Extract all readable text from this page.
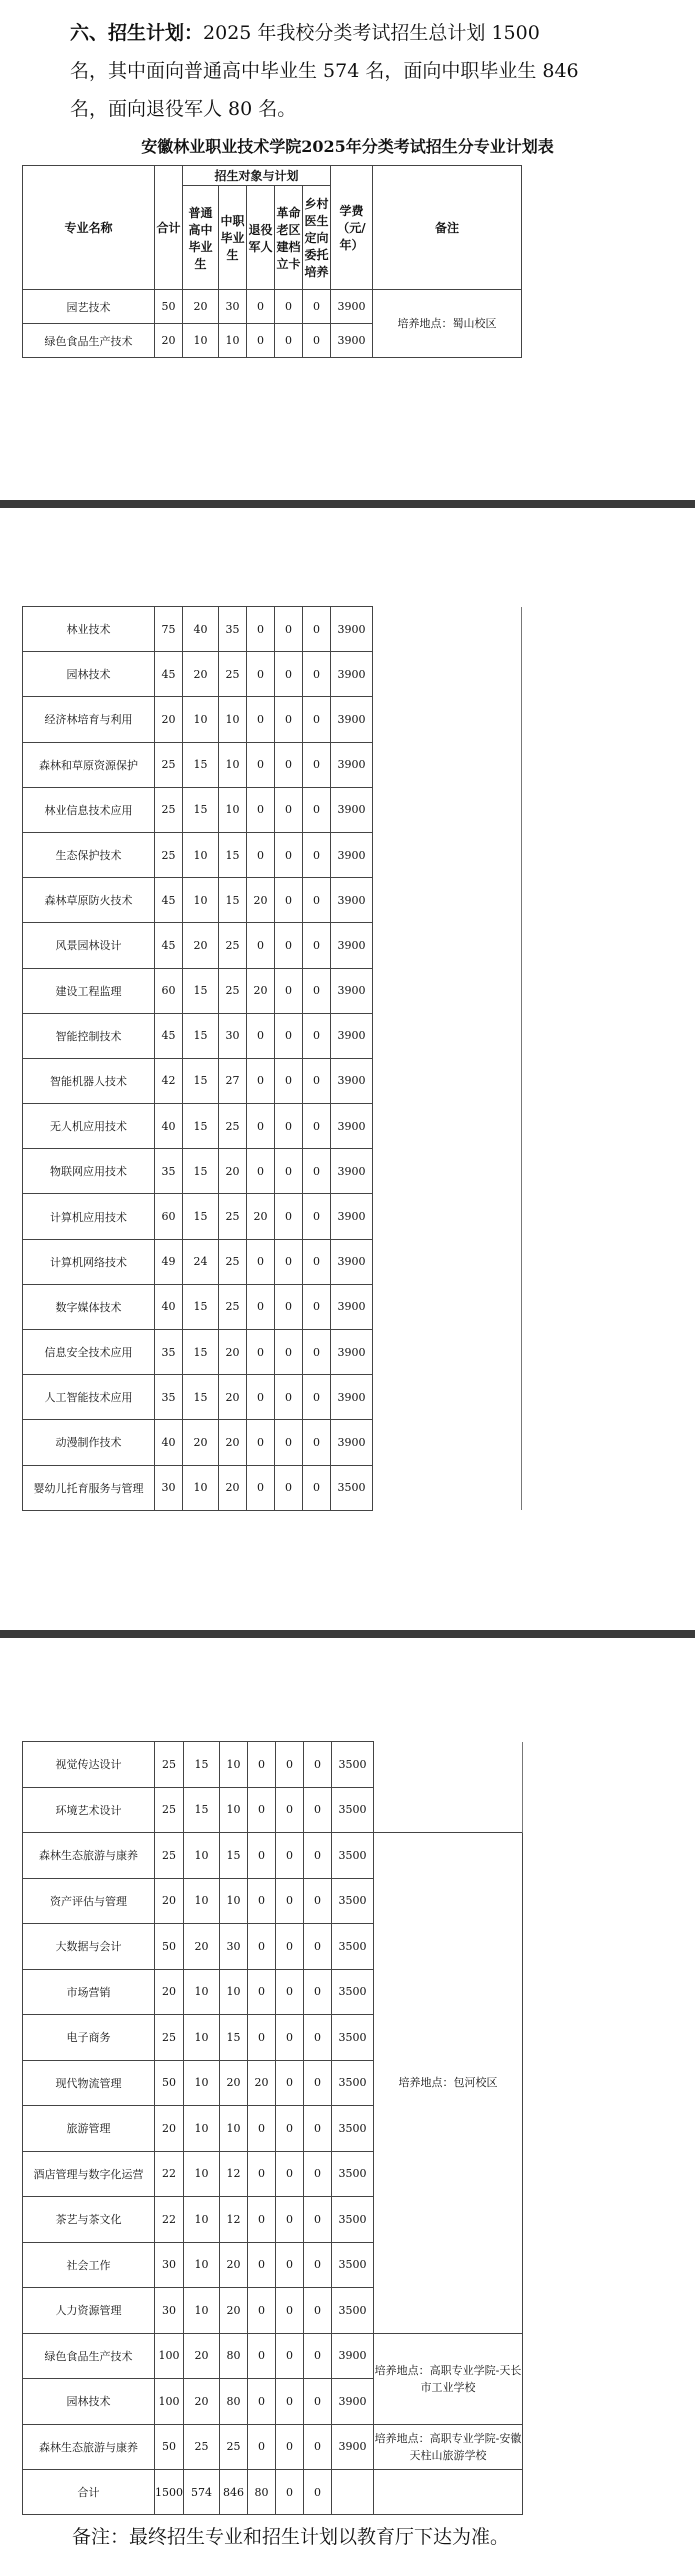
六、招生计划：2025 年我校分类考试招生总计划 1500

名，其中面向普通高中毕业生 574 名，面向中职毕业生 846

名，面向退役军人 80 名。

安徽林业职业技术学院2025年分类考试招生分专业计划表
专业名称	合计	招生对象与计划					学费（元/年）	备注
		普通高中毕业生	中职毕业生	退役军人	革命老区建档立卡	乡村医生定向委托培养		
园艺技术	50	20	30	0	0	0	3900	培养地点：蜀山校区
绿色食品生产技术	20	10	10	0	0	0	3900	
林业技术	75	40	35	0	0	0	3900	
园林技术	45	20	25	0	0	0	3900	
经济林培育与利用	20	10	10	0	0	0	3900	
森林和草原资源保护	25	15	10	0	0	0	3900	
林业信息技术应用	25	15	10	0	0	0	3900	
生态保护技术	25	10	15	0	0	0	3900	
森林草原防火技术	45	10	15	20	0	0	3900	
风景园林设计	45	20	25	0	0	0	3900	
建设工程监理	60	15	25	20	0	0	3900	
智能控制技术	45	15	30	0	0	0	3900	
智能机器人技术	42	15	27	0	0	0	3900	
无人机应用技术	40	15	25	0	0	0	3900	
物联网应用技术	35	15	20	0	0	0	3900	
计算机应用技术	60	15	25	20	0	0	3900	
计算机网络技术	49	24	25	0	0	0	3900	
数字媒体技术	40	15	25	0	0	0	3900	
信息安全技术应用	35	15	20	0	0	0	3900	
人工智能技术应用	35	15	20	0	0	0	3900	
动漫制作技术	40	20	20	0	0	0	3900	
婴幼儿托育服务与管理	30	10	20	0	0	0	3500	
视觉传达设计	25	15	10	0	0	0	3500	
环境艺术设计	25	15	10	0	0	0	3500	
森林生态旅游与康养	25	10	15	0	0	0	3500	培养地点：包河校区
资产评估与管理	20	10	10	0	0	0	3500	
大数据与会计	50	20	30	0	0	0	3500	
市场营销	20	10	10	0	0	0	3500	
电子商务	25	10	15	0	0	0	3500	
现代物流管理	50	10	20	20	0	0	3500	
旅游管理	20	10	10	0	0	0	3500	
酒店管理与数字化运营	22	10	12	0	0	0	3500	
茶艺与茶文化	22	10	12	0	0	0	3500	
社会工作	30	10	20	0	0	0	3500	
人力资源管理	30	10	20	0	0	0	3500	
绿色食品生产技术	100	20	80	0	0	0	3900	培养地点：高职专业学院-天长市工业学校
园林技术	100	20	80	0	0	0	3900	
森林生态旅游与康养	50	25	25	0	0	0	3900	培养地点：高职专业学院-安徽天柱山旅游学校
合计	1500	574	846	80	0	0		
备注：最终招生专业和招生计划以教育厅下达为准。
